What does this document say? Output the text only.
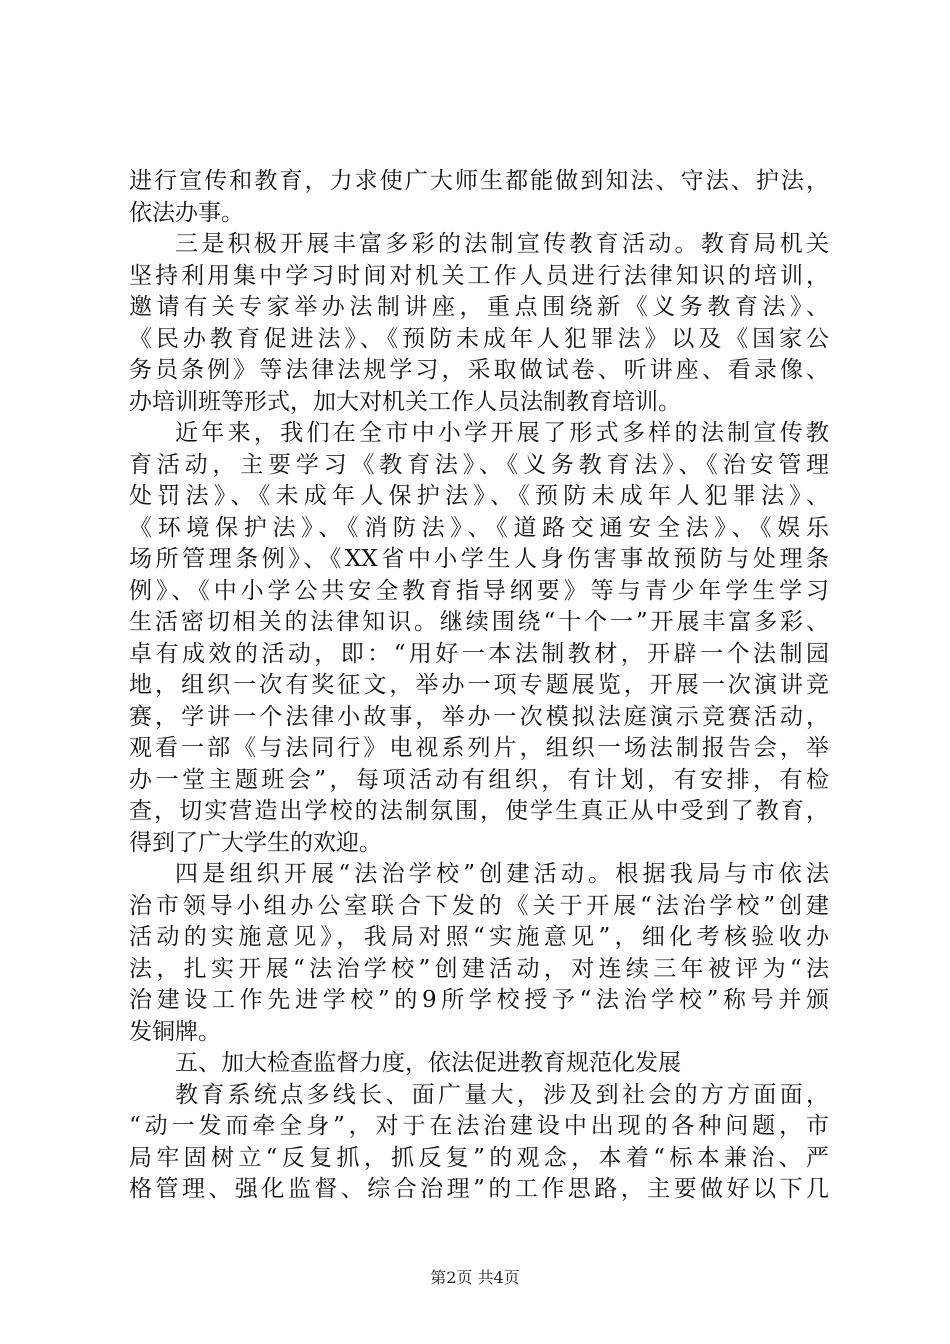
进行宣传和教育，力求使广大师生都能做到知法、守法、护法，
依法办事。
三是积极开展丰富多彩的法制宣传教育活动。教育局机关
坚持利用集中学习时间对机关工作人员进行法律知识的培训，
邀请有关专家举办法制讲座，重点围绕新《义务教育法》、
《民办教育促进法》、《预防未成年人犯罪法》以及《国家公
务员条例》等法律法规学习，采取做试卷、听讲座、看录像、
办培训班等形式，加大对机关工作人员法制教育培训。
近年来，我们在全市中小学开展了形式多样的法制宣传教
育活动，主要学习《教育法》、《义务教育法》、《治安管理
处罚法》、《未成年人保护法》、《预防未成年人犯罪法》、
《环境保护法》、《消防法》、《道路交通安全法》、《娱乐
场所管理条例》、《XX省中小学生人身伤害事故预防与处理条
例》、《中小学公共安全教育指导纲要》等与青少年学生学习
生活密切相关的法律知识。继续围绕“十个一”开展丰富多彩、
卓有成效的活动，即：“用好一本法制教材，开辟一个法制园
地，组织一次有奖征文，举办一项专题展览，开展一次演讲竞
赛，学讲一个法律小故事，举办一次模拟法庭演示竞赛活动，
观看一部《与法同行》电视系列片，组织一场法制报告会，举
办一堂主题班会”，每项活动有组织，有计划，有安排，有检
查，切实营造出学校的法制氛围，使学生真正从中受到了教育，
得到了广大学生的欢迎。
四是组织开展“法治学校”创建活动。根据我局与市依法
治市领导小组办公室联合下发的《关于开展“法治学校”创建
活动的实施意见》，我局对照“实施意见”，细化考核验收办
法，扎实开展“法治学校”创建活动，对连续三年被评为“法
治建设工作先进学校”的9所学校授予“法治学校”称号并颁
发铜牌。
五、加大检查监督力度，依法促进教育规范化发展
教育系统点多线长、面广量大，涉及到社会的方方面面，
“动一发而牵全身”，对于在法治建设中出现的各种问题，市
局牢固树立“反复抓，抓反复”的观念，本着“标本兼治、严
格管理、强化监督、综合治理”的工作思路，主要做好以下几
第2页 共4页
